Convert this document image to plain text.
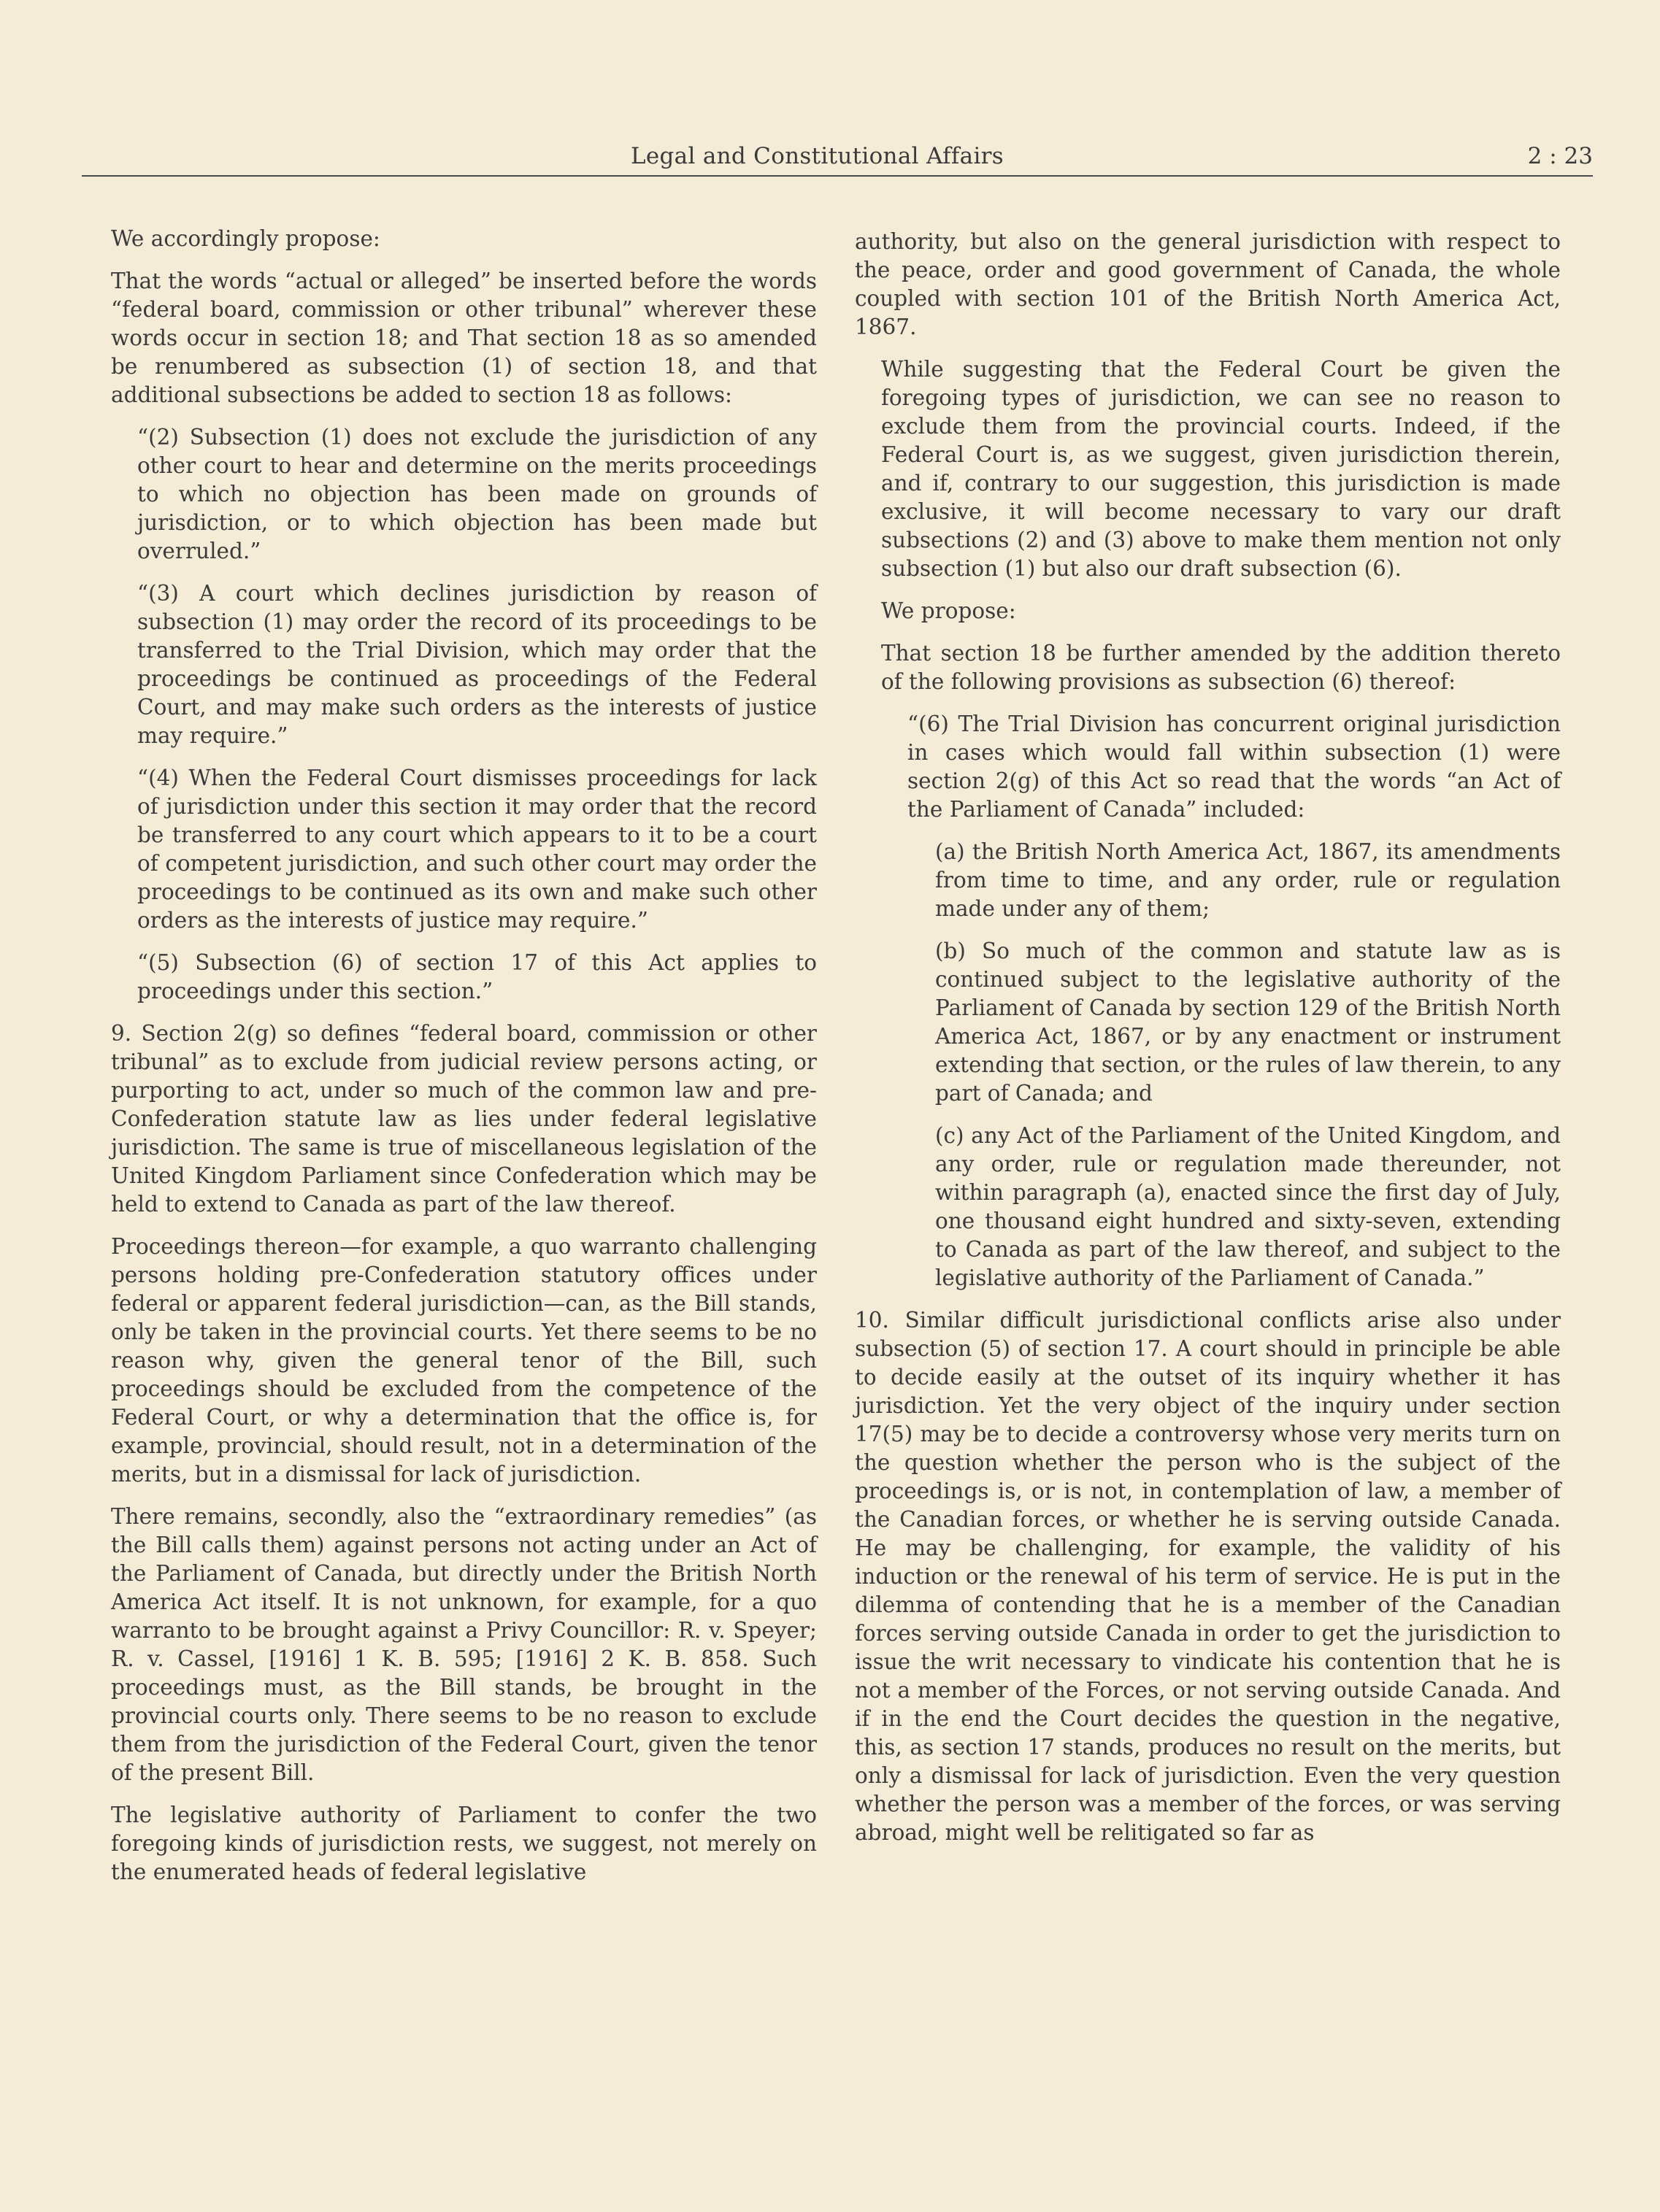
Legal and Constitutional Affairs	2 : 23

We accordingly propose:

That the words “actual or alleged” be inserted before the words “federal board, commission or other tribunal” wherever these words occur in section 18; and That section 18 as so amended be renumbered as subsection (1) of section 18, and that additional subsections be added to section 18 as follows:

“(2) Subsection (1) does not exclude the jurisdiction of any other court to hear and determine on the merits proceedings to which no objection has been made on grounds of jurisdiction, or to which objection has been made but overruled.”

“(3) A court which declines jurisdiction by reason of subsection (1) may order the record of its proceedings to be transferred to the Trial Division, which may order that the proceedings be continued as proceedings of the Federal Court, and may make such orders as the interests of justice may require.”

“(4) When the Federal Court dismisses proceedings for lack of jurisdiction under this section it may order that the record be transferred to any court which appears to it to be a court of competent jurisdiction, and such other court may order the proceedings to be continued as its own and make such other orders as the interests of justice may require.”

“(5) Subsection (6) of section 17 of this Act applies to proceedings under this section.”

9. Section 2(g) so defines “federal board, commission or other tribunal” as to exclude from judicial review persons acting, or purporting to act, under so much of the common law and pre-Confederation statute law as lies under federal legislative jurisdiction. The same is true of miscellaneous legislation of the United Kingdom Parliament since Confederation which may be held to extend to Canada as part of the law thereof.

Proceedings thereon—for example, a quo warranto challenging persons holding pre-Confederation statutory offices under federal or apparent federal jurisdiction—can, as the Bill stands, only be taken in the provincial courts. Yet there seems to be no reason why, given the general tenor of the Bill, such proceedings should be excluded from the competence of the Federal Court, or why a determination that the office is, for example, provincial, should result, not in a determination of the merits, but in a dismissal for lack of jurisdiction.

There remains, secondly, also the “extraordinary remedies” (as the Bill calls them) against persons not acting under an Act of the Parliament of Canada, but directly under the British North America Act itself. It is not unknown, for example, for a quo warranto to be brought against a Privy Councillor: R. v. Speyer; R. v. Cassel, [1916] 1 K. B. 595; [1916] 2 K. B. 858. Such proceedings must, as the Bill stands, be brought in the provincial courts only. There seems to be no reason to exclude them from the jurisdiction of the Federal Court, given the tenor of the present Bill.

The legislative authority of Parliament to confer the two foregoing kinds of jurisdiction rests, we suggest, not merely on the enumerated heads of federal legislative

authority, but also on the general jurisdiction with respect to the peace, order and good government of Canada, the whole coupled with section 101 of the British North America Act, 1867.

While suggesting that the Federal Court be given the foregoing types of jurisdiction, we can see no reason to exclude them from the provincial courts. Indeed, if the Federal Court is, as we suggest, given jurisdiction therein, and if, contrary to our suggestion, this jurisdiction is made exclusive, it will become necessary to vary our draft subsections (2) and (3) above to make them mention not only subsection (1) but also our draft subsection (6).

We propose:

That section 18 be further amended by the addition thereto of the following provisions as subsection (6) thereof:

“(6) The Trial Division has concurrent original jurisdiction in cases which would fall within subsection (1) were section 2(g) of this Act so read that the words “an Act of the Parliament of Canada” included:

(a) the British North America Act, 1867, its amendments from time to time, and any order, rule or regulation made under any of them;

(b) So much of the common and statute law as is continued subject to the legislative authority of the Parliament of Canada by section 129 of the British North America Act, 1867, or by any enactment or instrument extending that section, or the rules of law therein, to any part of Canada; and

(c) any Act of the Parliament of the United Kingdom, and any order, rule or regulation made thereunder, not within paragraph (a), enacted since the first day of July, one thousand eight hundred and sixty-seven, extending to Canada as part of the law thereof, and subject to the legislative authority of the Parliament of Canada.”

10. Similar difficult jurisdictional conflicts arise also under subsection (5) of section 17. A court should in principle be able to decide easily at the outset of its inquiry whether it has jurisdiction. Yet the very object of the inquiry under section 17(5) may be to decide a controversy whose very merits turn on the question whether the person who is the subject of the proceedings is, or is not, in contemplation of law, a member of the Canadian forces, or whether he is serving outside Canada. He may be challenging, for example, the validity of his induction or the renewal of his term of service. He is put in the dilemma of contending that he is a member of the Canadian forces serving outside Canada in order to get the jurisdiction to issue the writ necessary to vindicate his contention that he is not a member of the Forces, or not serving outside Canada. And if in the end the Court decides the question in the negative, this, as section 17 stands, produces no result on the merits, but only a dismissal for lack of jurisdiction. Even the very question whether the person was a member of the forces, or was serving abroad, might well be relitigated so far as
